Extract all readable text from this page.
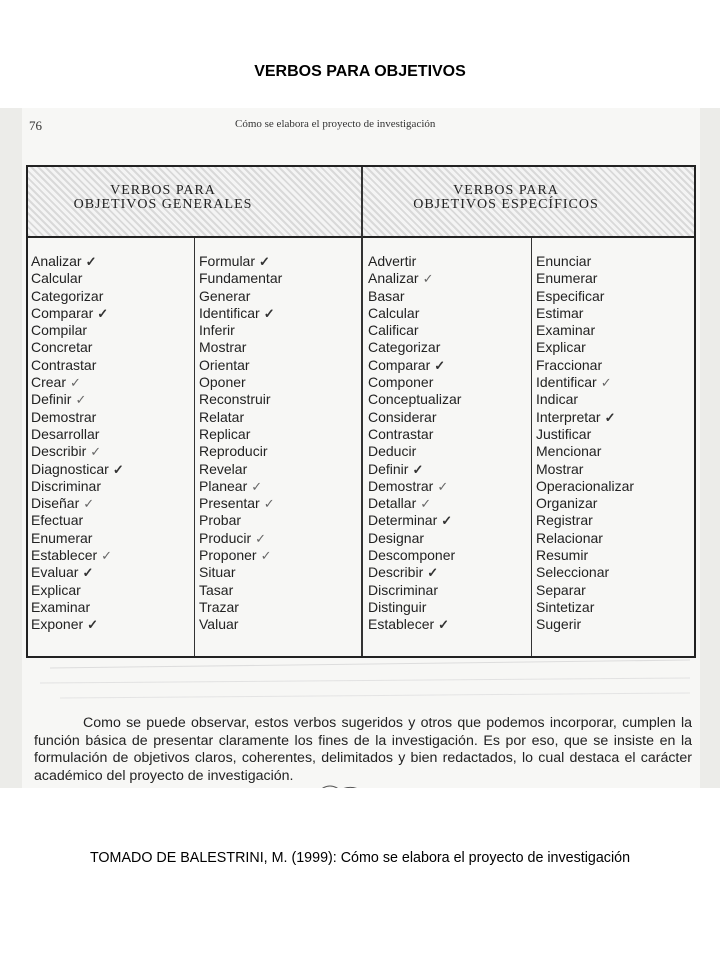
VERBOS PARA OBJETIVOS
76	Cómo se elabora el proyecto de investigación
VERBOS PARA
OBJETIVOS GENERALES
VERBOS PARA
OBJETIVOS ESPECÍFICOS
Analizar ✓
Calcular
Categorizar
Comparar ✓
Compilar
Concretar
Contrastar
Crear ✓
Definir ✓
Demostrar
Desarrollar
Describir ✓
Diagnosticar ✓
Discriminar
Diseñar ✓
Efectuar
Enumerar
Establecer ✓
Evaluar ✓
Explicar
Examinar
Exponer ✓
Formular ✓
Fundamentar
Generar
Identificar ✓
Inferir
Mostrar
Orientar
Oponer
Reconstruir
Relatar
Replicar
Reproducir
Revelar
Planear ✓
Presentar ✓
Probar
Producir ✓
Proponer ✓
Situar
Tasar
Trazar
Valuar
Advertir
Analizar ✓
Basar
Calcular
Calificar
Categorizar
Comparar ✓
Componer
Conceptualizar
Considerar
Contrastar
Deducir
Definir ✓
Demostrar ✓
Detallar ✓
Determinar ✓
Designar
Descomponer
Describir ✓
Discriminar
Distinguir
Establecer ✓
Enunciar
Enumerar
Especificar
Estimar
Examinar
Explicar
Fraccionar
Identificar ✓
Indicar
Interpretar ✓
Justificar
Mencionar
Mostrar
Operacionalizar
Organizar
Registrar
Relacionar
Resumir
Seleccionar
Separar
Sintetizar
Sugerir

Como se puede observar, estos verbos sugeridos y otros que podemos incorporar, cumplen la función básica de presentar claramente los fines de la investigación. Es por eso, que se insiste en la formulación de objetivos claros, coherentes, delimitados y bien redactados, lo cual destaca el carácter académico del proyecto de investigación.

TOMADO DE BALESTRINI, M. (1999): Cómo se elabora el proyecto de investigación
